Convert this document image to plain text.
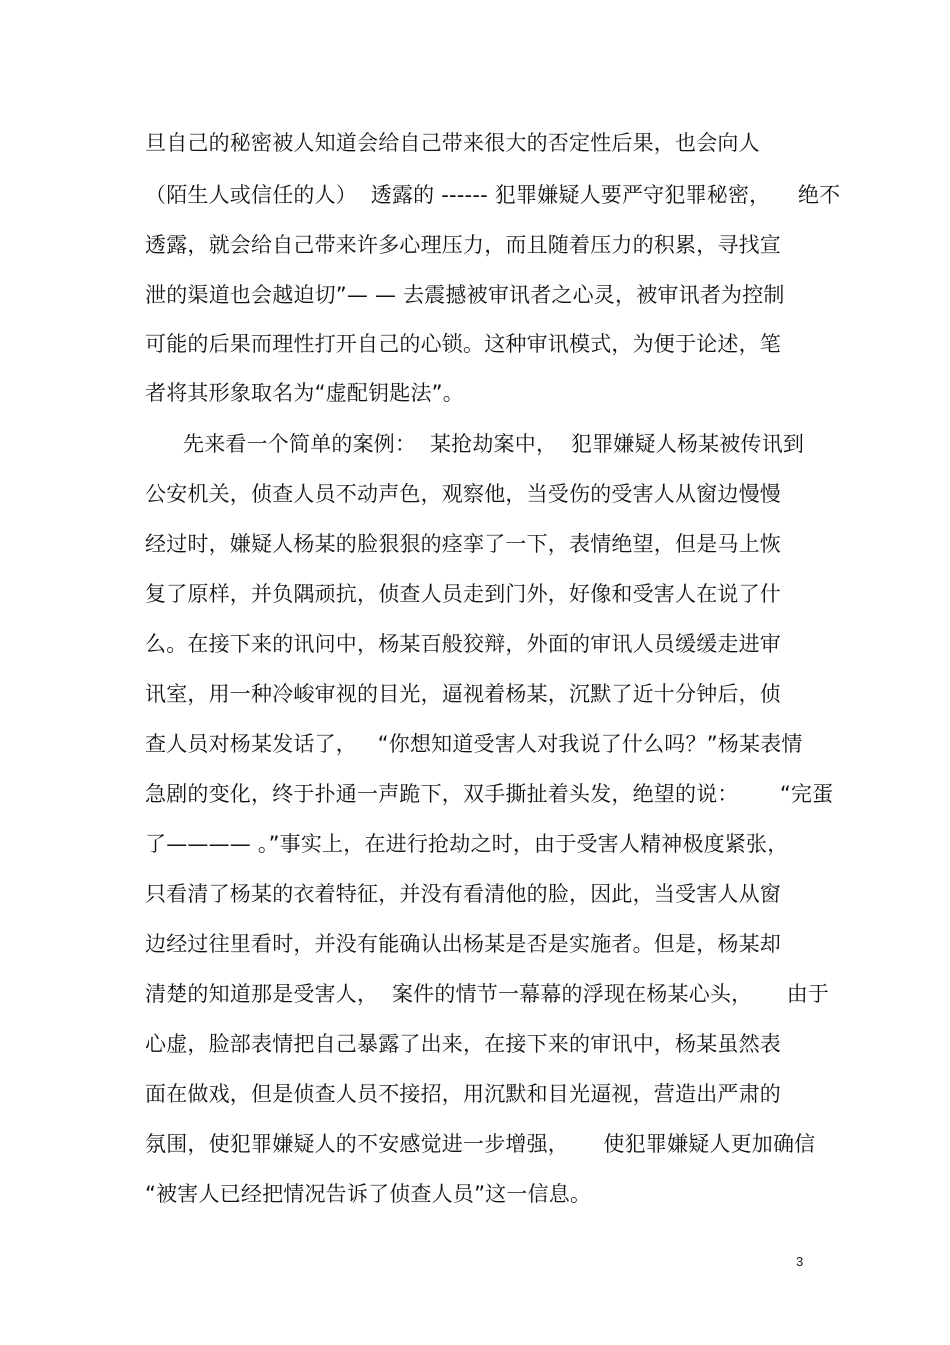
旦自己的秘密被人知道会给自己带来很大的否定性后果，也会向人
（陌生人或信任的人）  透露的 ------ 犯罪嫌疑人要严守犯罪秘密，    绝不
透露，就会给自己带来许多心理压力，而且随着压力的积累，寻找宣
泄的渠道也会越迫切”— — 去震撼被审讯者之心灵，被审讯者为控制
可能的后果而理性打开自己的心锁。这种审讯模式，为便于论述，笔
者将其形象取名为“虚配钥匙法”。
先来看一个简单的案例：  某抢劫案中，  犯罪嫌疑人杨某被传讯到
公安机关，侦查人员不动声色，观察他，当受伤的受害人从窗边慢慢
经过时，嫌疑人杨某的脸狠狠的痉挛了一下，表情绝望，但是马上恢
复了原样，并负隅顽抗，侦查人员走到门外，好像和受害人在说了什
么。在接下来的讯问中，杨某百般狡辩，外面的审讯人员缓缓走进审
讯室，用一种冷峻审视的目光，逼视着杨某，沉默了近十分钟后，侦
查人员对杨某发话了，   “你想知道受害人对我说了什么吗？”杨某表情
急剧的变化，终于扑通一声跪下，双手撕扯着头发，绝望的说：      “完蛋
了———— 。”事实上，在进行抢劫之时，由于受害人精神极度紧张，
只看清了杨某的衣着特征，并没有看清他的脸，因此，当受害人从窗
边经过往里看时，并没有能确认出杨某是否是实施者。但是，杨某却
清楚的知道那是受害人，  案件的情节一幕幕的浮现在杨某心头，     由于
心虚，脸部表情把自己暴露了出来，在接下来的审讯中，杨某虽然表
面在做戏，但是侦查人员不接招，用沉默和目光逼视，营造出严肃的
氛围，使犯罪嫌疑人的不安感觉进一步增强，     使犯罪嫌疑人更加确信
“被害人已经把情况告诉了侦查人员”这一信息。
3
